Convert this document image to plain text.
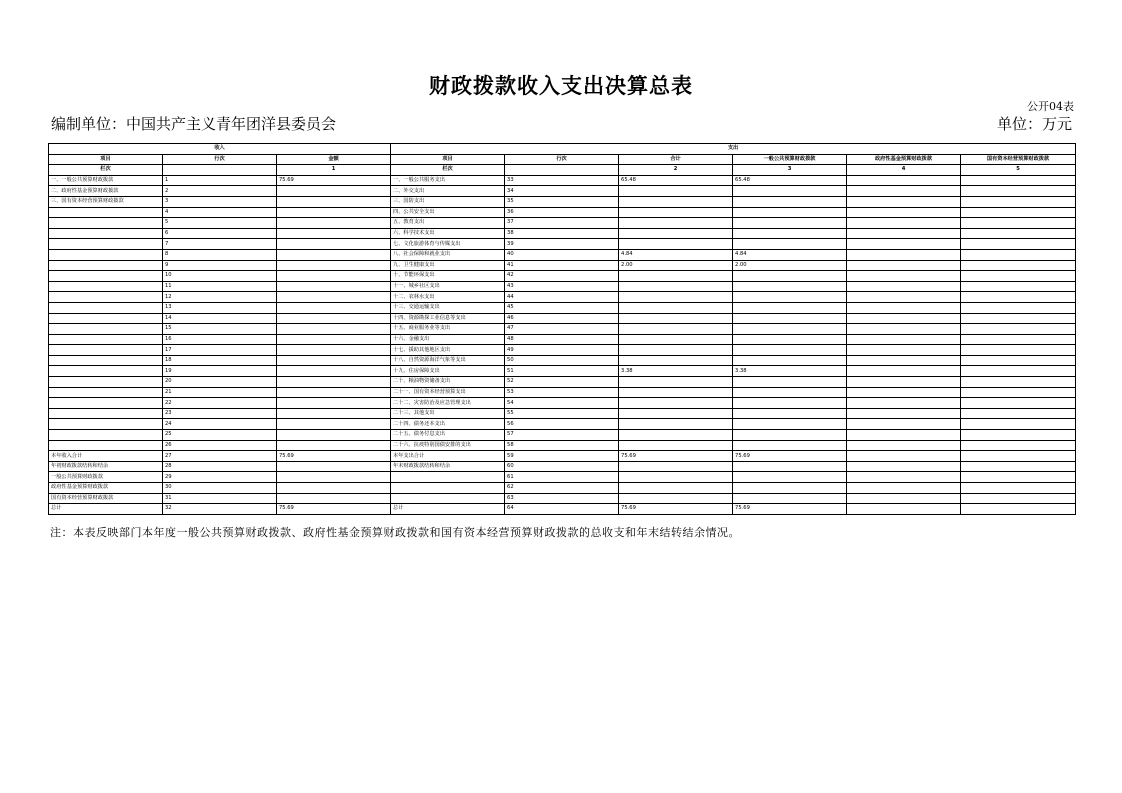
财政拨款收入支出决算总表
公开04表
编制单位：中国共产主义青年团洋县委员会	单位：万元
收入			支出					
项目	行次	金额	项目	行次	合计	一般公共预算财政拨款	政府性基金预算财政拨款	国有资本经营预算财政拨款
栏次		1	栏次		2	3	4	5
一、一般公共预算财政拨款	1	75.69	一、一般公共服务支出	33	65.48	65.48		
二、政府性基金预算财政拨款	2		二、外交支出	34				
三、国有资本经营预算财政拨款	3		三、国防支出	35				
	4		四、公共安全支出	36				
	5		五、教育支出	37				
	6		六、科学技术支出	38				
	7		七、文化旅游体育与传媒支出	39				
	8		八、社会保障和就业支出	40	4.84	4.84		
	9		九、卫生健康支出	41	2.00	2.00		
	10		十、节能环保支出	42				
	11		十一、城乡社区支出	43				
	12		十二、农林水支出	44				
	13		十三、交通运输支出	45				
	14		十四、资源勘探工业信息等支出	46				
	15		十五、商业服务业等支出	47				
	16		十六、金融支出	48				
	17		十七、援助其他地区支出	49				
	18		十八、自然资源海洋气象等支出	50				
	19		十九、住房保障支出	51	3.38	3.38		
	20		二十、粮油物资储备支出	52				
	21		二十一、国有资本经营预算支出	53				
	22		二十二、灾害防治及应急管理支出	54				
	23		二十三、其他支出	55				
	24		二十四、债务还本支出	56				
	25		二十五、债务付息支出	57				
	26		二十六、抗疫特别国债安排的支出	58				
本年收入合计	27	75.69	本年支出合计	59	75.69	75.69		
年初财政拨款结转和结余	28		年末财政拨款结转和结余	60				
一般公共预算财政拨款	29			61				
政府性基金预算财政拨款	30			62				
国有资本经营预算财政拨款	31			63				
总计	32	75.69	总计	64	75.69	75.69		
注：本表反映部门本年度一般公共预算财政拨款、政府性基金预算财政拨款和国有资本经营预算财政拨款的总收支和年末结转结余情况。
